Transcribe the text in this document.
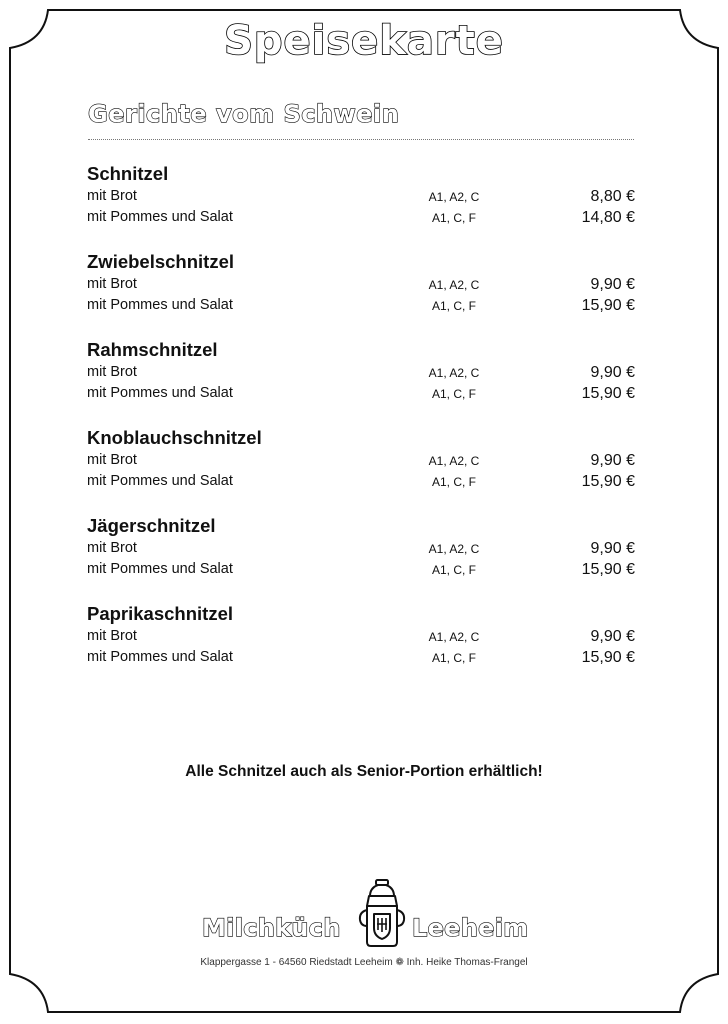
Speisekarte
Gerichte vom Schwein
Schnitzel
mit Brot	A1, A2, C	8,80 €
mit Pommes und Salat	A1, C, F	14,80 €
Zwiebelschnitzel
mit Brot	A1, A2, C	9,90 €
mit Pommes und Salat	A1, C, F	15,90 €
Rahmschnitzel
mit Brot	A1, A2, C	9,90 €
mit Pommes und Salat	A1, C, F	15,90 €
Knoblauchschnitzel
mit Brot	A1, A2, C	9,90 €
mit Pommes und Salat	A1, C, F	15,90 €
Jägerschnitzel
mit Brot	A1, A2, C	9,90 €
mit Pommes und Salat	A1, C, F	15,90 €
Paprikaschnitzel
mit Brot	A1, A2, C	9,90 €
mit Pommes und Salat	A1, C, F	15,90 €
Alle Schnitzel auch als Senior-Portion erhältlich!
Milchküch	Leeheim
Klappergasse 1 - 64560 Riedstadt Leeheim ❁ Inh. Heike Thomas-Frangel
